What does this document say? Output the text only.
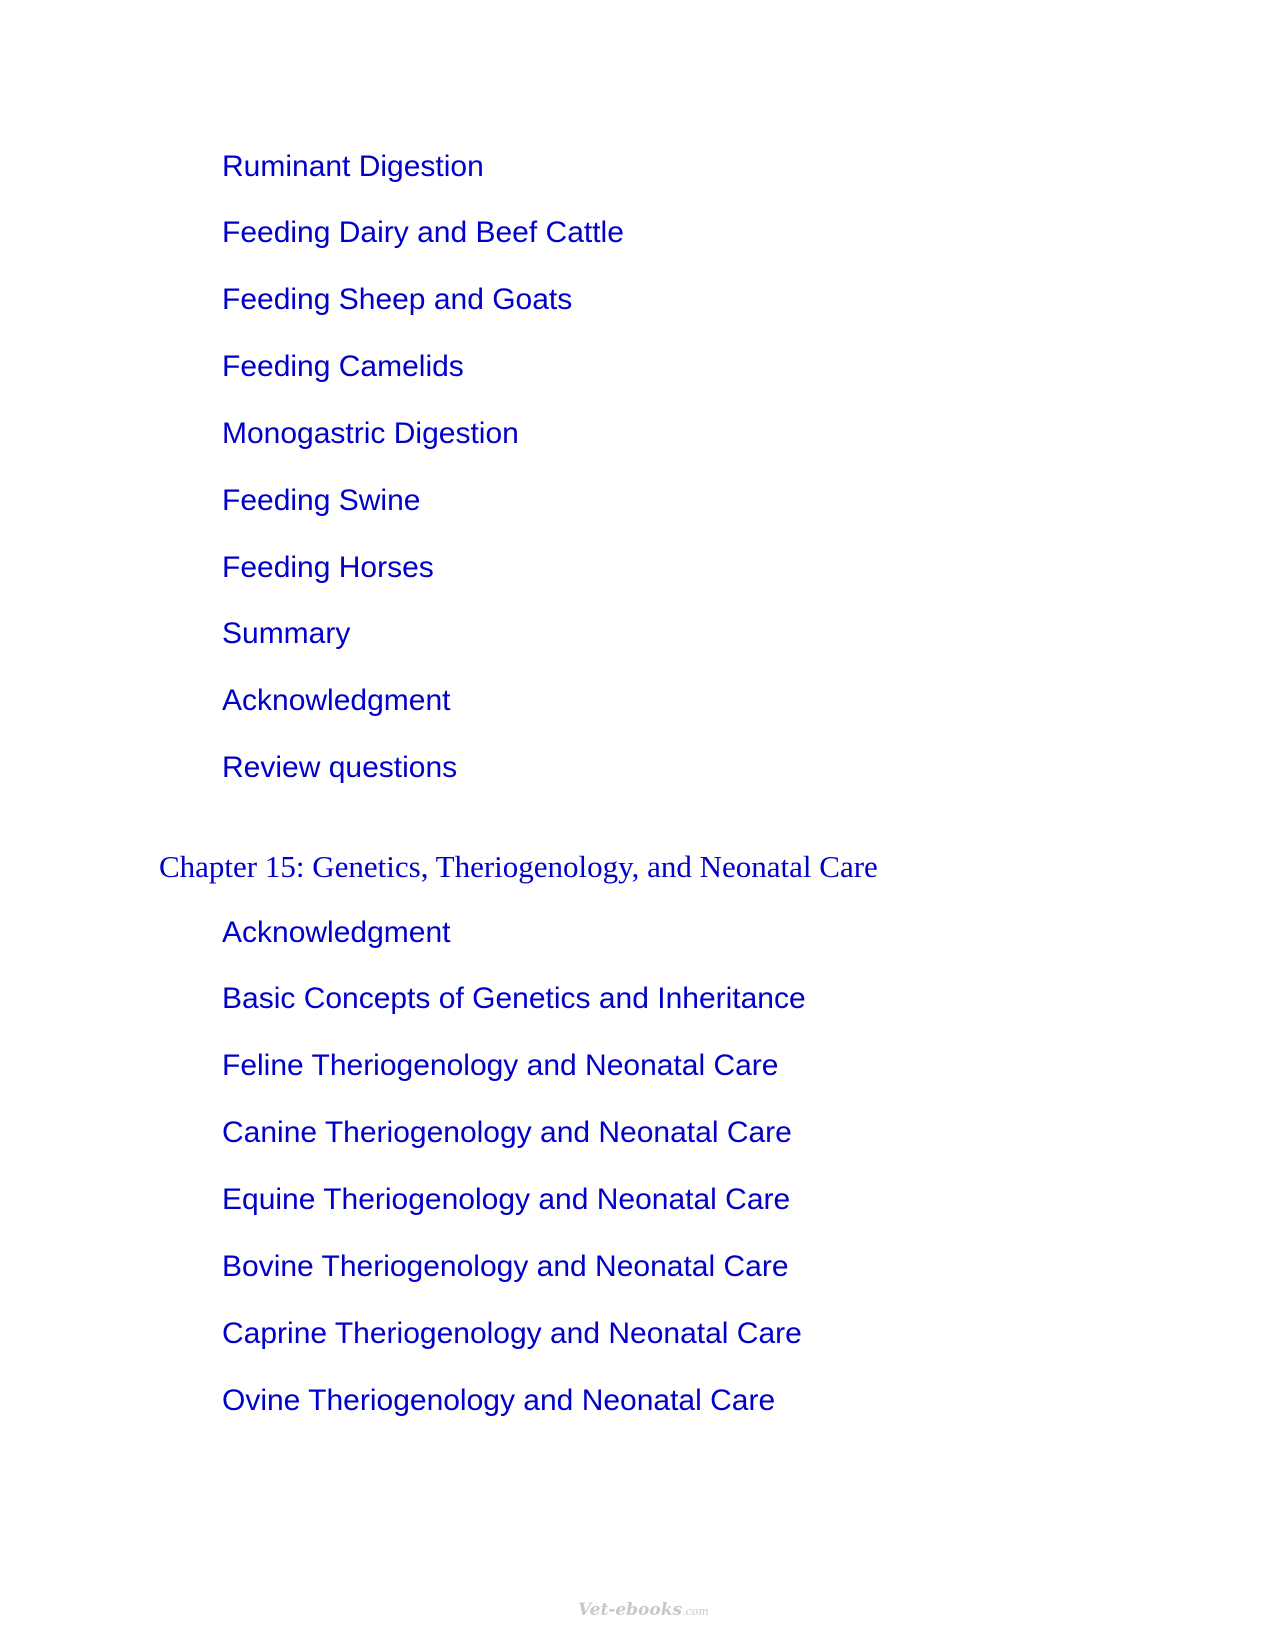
Ruminant Digestion
Feeding Dairy and Beef Cattle
Feeding Sheep and Goats
Feeding Camelids
Monogastric Digestion
Feeding Swine
Feeding Horses
Summary
Acknowledgment
Review questions
Chapter 15: Genetics, Theriogenology, and Neonatal Care
Acknowledgment
Basic Concepts of Genetics and Inheritance
Feline Theriogenology and Neonatal Care
Canine Theriogenology and Neonatal Care
Equine Theriogenology and Neonatal Care
Bovine Theriogenology and Neonatal Care
Caprine Theriogenology and Neonatal Care
Ovine Theriogenology and Neonatal Care
Vet-ebooks.com
